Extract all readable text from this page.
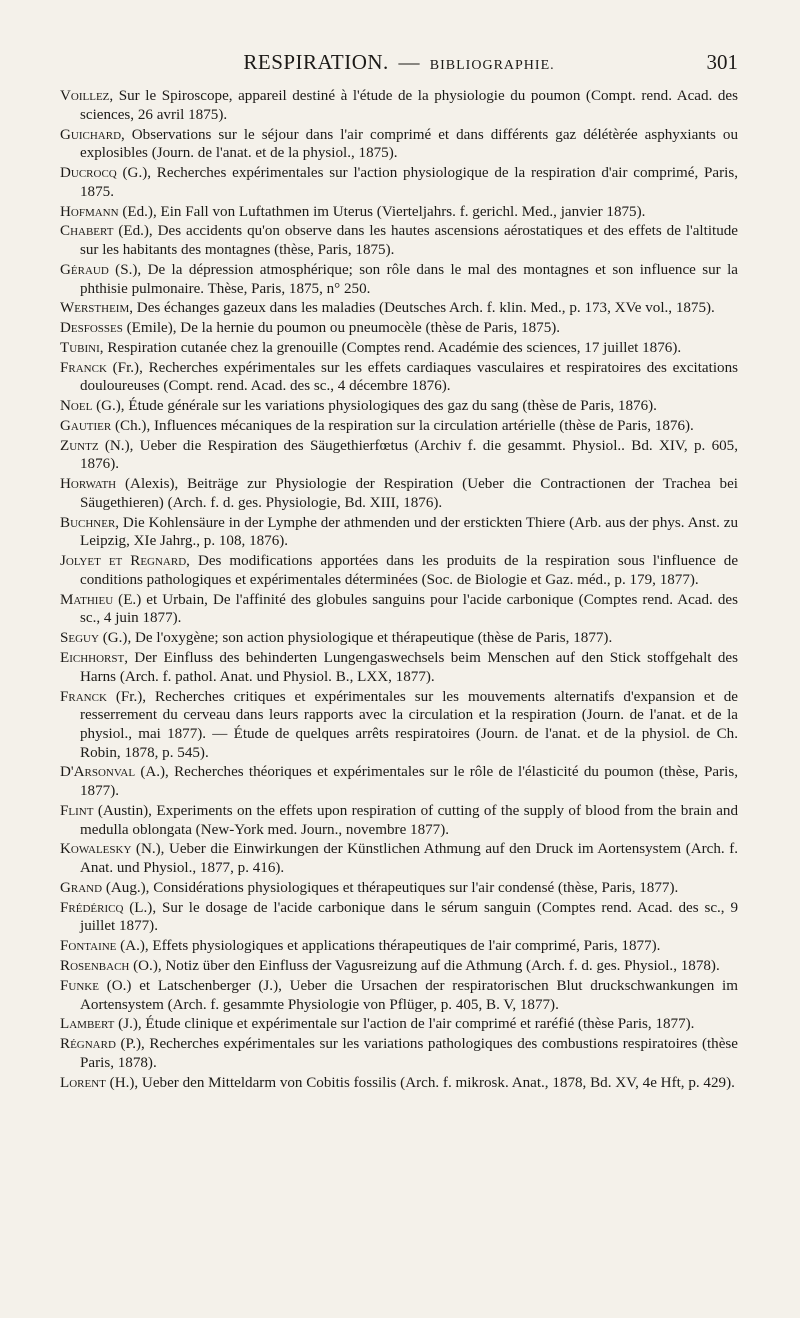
RESPIRATION. — BIBLIOGRAPHIE.	301

Voillez, Sur le Spiroscope, appareil destiné à l'étude de la physiologie du poumon (Compt. rend. Acad. des sciences, 26 avril 1875).

Guichard, Observations sur le séjour dans l'air comprimé et dans différents gaz délétèrée asphyxiants ou explosibles (Journ. de l'anat. et de la physiol., 1875).

Ducrocq (G.), Recherches expérimentales sur l'action physiologique de la respiration d'air comprimé, Paris, 1875.

Hofmann (Ed.), Ein Fall von Luftathmen im Uterus (Vierteljahrs. f. gerichl. Med., janvier 1875).

Chabert (Ed.), Des accidents qu'on observe dans les hautes ascensions aérostatiques et des effets de l'altitude sur les habitants des montagnes (thèse, Paris, 1875).

Géraud (S.), De la dépression atmosphérique; son rôle dans le mal des montagnes et son influence sur la phthisie pulmonaire. Thèse, Paris, 1875, n° 250.

Werstheim, Des échanges gazeux dans les maladies (Deutsches Arch. f. klin. Med., p. 173, XVe vol., 1875).

Desfosses (Emile), De la hernie du poumon ou pneumocèle (thèse de Paris, 1875).

Tubini, Respiration cutanée chez la grenouille (Comptes rend. Académie des sciences, 17 juillet 1876).

Franck (Fr.), Recherches expérimentales sur les effets cardiaques vasculaires et respiratoires des excitations douloureuses (Compt. rend. Acad. des sc., 4 décembre 1876).

Noel (G.), Étude générale sur les variations physiologiques des gaz du sang (thèse de Paris, 1876).

Gautier (Ch.), Influences mécaniques de la respiration sur la circulation artérielle (thèse de Paris, 1876).

Zuntz (N.), Ueber die Respiration des Säugethierfœtus (Archiv f. die gesammt. Physiol.. Bd. XIV, p. 605, 1876).

Horwath (Alexis), Beiträge zur Physiologie der Respiration (Ueber die Contractionen der Trachea bei Säugethieren) (Arch. f. d. ges. Physiologie, Bd. XIII, 1876).

Buchner, Die Kohlensäure in der Lymphe der athmenden und der erstickten Thiere (Arb. aus der phys. Anst. zu Leipzig, XIe Jahrg., p. 108, 1876).

Jolyet et Regnard, Des modifications apportées dans les produits de la respiration sous l'influence de conditions pathologiques et expérimentales déterminées (Soc. de Biologie et Gaz. méd., p. 179, 1877).

Mathieu (E.) et Urbain, De l'affinité des globules sanguins pour l'acide carbonique (Comptes rend. Acad. des sc., 4 juin 1877).

Seguy (G.), De l'oxygène; son action physiologique et thérapeutique (thèse de Paris, 1877).

Eichhorst, Der Einfluss des behinderten Lungengaswechsels beim Menschen auf den Stick stoffgehalt des Harns (Arch. f. pathol. Anat. und Physiol. B., LXX, 1877).

Franck (Fr.), Recherches critiques et expérimentales sur les mouvements alternatifs d'expansion et de resserrement du cerveau dans leurs rapports avec la circulation et la respiration (Journ. de l'anat. et de la physiol., mai 1877). — Étude de quelques arrêts respiratoires (Journ. de l'anat. et de la physiol. de Ch. Robin, 1878, p. 545).

D'Arsonval (A.), Recherches théoriques et expérimentales sur le rôle de l'élasticité du poumon (thèse, Paris, 1877).

Flint (Austin), Experiments on the effets upon respiration of cutting of the supply of blood from the brain and medulla oblongata (New-York med. Journ., novembre 1877).

Kowalesky (N.), Ueber die Einwirkungen der Künstlichen Athmung auf den Druck im Aortensystem (Arch. f. Anat. und Physiol., 1877, p. 416).

Grand (Aug.), Considérations physiologiques et thérapeutiques sur l'air condensé (thèse, Paris, 1877).

Frédéricq (L.), Sur le dosage de l'acide carbonique dans le sérum sanguin (Comptes rend. Acad. des sc., 9 juillet 1877).

Fontaine (A.), Effets physiologiques et applications thérapeutiques de l'air comprimé, Paris, 1877).

Rosenbach (O.), Notiz über den Einfluss der Vagusreizung auf die Athmung (Arch. f. d. ges. Physiol., 1878).

Funke (O.) et Latschenberger (J.), Ueber die Ursachen der respiratorischen Blut druckschwankungen im Aortensystem (Arch. f. gesammte Physiologie von Pflüger, p. 405, B. V, 1877).

Lambert (J.), Étude clinique et expérimentale sur l'action de l'air comprimé et raréfié (thèse Paris, 1877).

Régnard (P.), Recherches expérimentales sur les variations pathologiques des combustions respiratoires (thèse Paris, 1878).

Lorent (H.), Ueber den Mitteldarm von Cobitis fossilis (Arch. f. mikrosk. Anat., 1878, Bd. XV, 4e Hft, p. 429).
